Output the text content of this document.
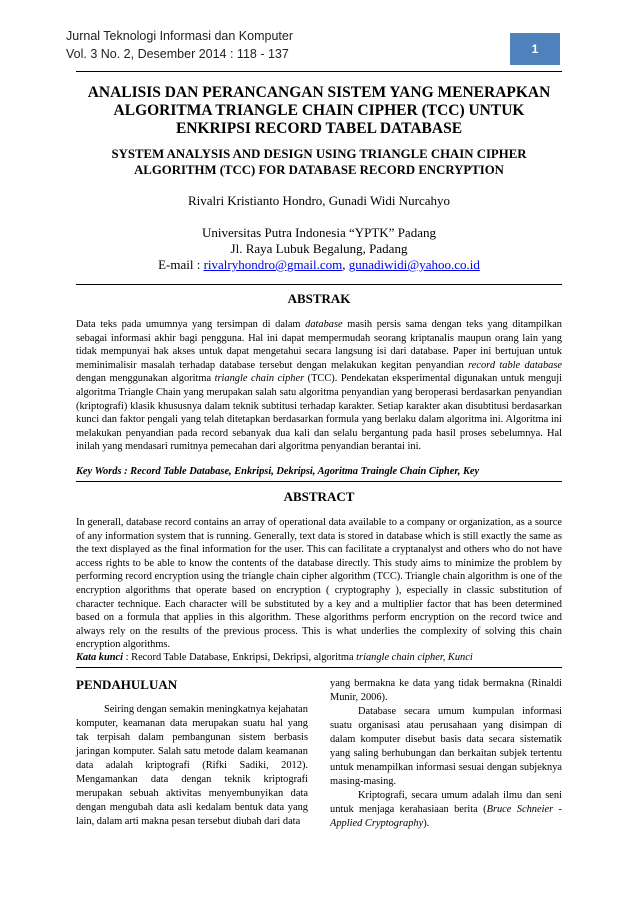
Jurnal Teknologi Informasi dan Komputer
Vol. 3 No. 2, Desember 2014 : 118 - 137	1
ANALISIS DAN PERANCANGAN SISTEM YANG MENERAPKAN
ALGORITMA TRIANGLE CHAIN CIPHER (TCC) UNTUK
ENKRIPSI RECORD TABEL DATABASE
SYSTEM ANALYSIS AND DESIGN USING TRIANGLE CHAIN CIPHER
ALGORITHM (TCC) FOR DATABASE RECORD ENCRYPTION
Rivalri Kristianto Hondro, Gunadi Widi Nurcahyo
Universitas Putra Indonesia “YPTK” Padang
Jl. Raya Lubuk Begalung, Padang
E-mail : rivalryhondro@gmail.com, gunadiwidi@yahoo.co.id
ABSTRAK
Data teks pada umumnya yang tersimpan di dalam database masih persis sama dengan teks yang ditampilkan sebagai informasi akhir bagi pengguna. Hal ini dapat mempermudah seorang kriptanalis maupun orang lain yang tidak mempunyai hak akses untuk dapat mengetahui secara langsung isi dari database. Paper ini bertujuan untuk meminimalisir masalah terhadap database tersebut dengan melakukan kegitan penyandian record table database dengan menggunakan algoritma triangle chain cipher (TCC). Pendekatan eksperimental digunakan untuk menguji algoritma Triangle Chain yang merupakan salah satu algoritma penyandian yang beroperasi berdasarkan penyandian (kriptografi) klasik khususnya dalam teknik subtitusi terhadap karakter. Setiap karakter akan disubtitusi berdasarkan kunci dan faktor pengali yang telah ditetapkan berdasarkan formula yang berlaku dalam algoritma ini. Algoritma ini melakukan penyandian pada record sebanyak dua kali dan selalu bergantung pada hasil proses sebelumnya. Hal inilah yang mendasari rumitnya pemecahan dari algoritma penyandian berantai ini.
Key Words : Record Table Database, Enkripsi, Dekripsi, Agoritma Traingle Chain Cipher, Key
ABSTRACT
In generall, database record contains an array of operational data available to a company or organization, as a source of any information system that is running. Generally, text data is stored in database which is still exactly the same as the text displayed as the final information for the user. This can facilitate a cryptanalyst and others who do not have access rights to be able to know the contents of the database directly. This study aims to minimize the problem by performing record encryption using the triangle chain cipher algorithm (TCC). Triangle chain algorithm is one of the encryption algorithms that operate based on encryption ( cryptography ), especially in classic substitution of character technique. Each character will be substituted by a key and a multiplier factor that has been determined based on a formula that applies in this algorithm. These algorithms perform encryption on the record twice and always rely on the results of the previous process. This is what underlies the complexity of solving this chain encryption algorithms.
Kata kunci : Record Table Database, Enkripsi, Dekripsi, algoritma triangle chain cipher, Kunci
PENDAHULUAN

Seiring dengan semakin meningkatnya kejahatan komputer, keamanan data merupakan suatu hal yang tak terpisah dalam pembangunan sistem berbasis jaringan komputer. Salah satu metode dalam keamanan data adalah kriptografi (Rifki Sadiki, 2012). Mengamankan data dengan teknik kriptografi merupakan sebuah aktivitas menyembunyikan data dengan mengubah data asli kedalam bentuk data yang lain, dalam arti makna pesan tersebut diubah dari data

yang bermakna ke data yang tidak bermakna (Rinaldi Munir, 2006).

Database secara umum kumpulan informasi suatu organisasi atau perusahaan yang disimpan di dalam komputer disebut basis data secara sistematik yang saling berhubungan dan berkaitan subjek tertentu untuk menampilkan informasi sesuai dengan subjeknya masing-masing.

Kriptografi, secara umum adalah ilmu dan seni untuk menjaga kerahasiaan berita (Bruce Schneier - Applied Cryptography).
